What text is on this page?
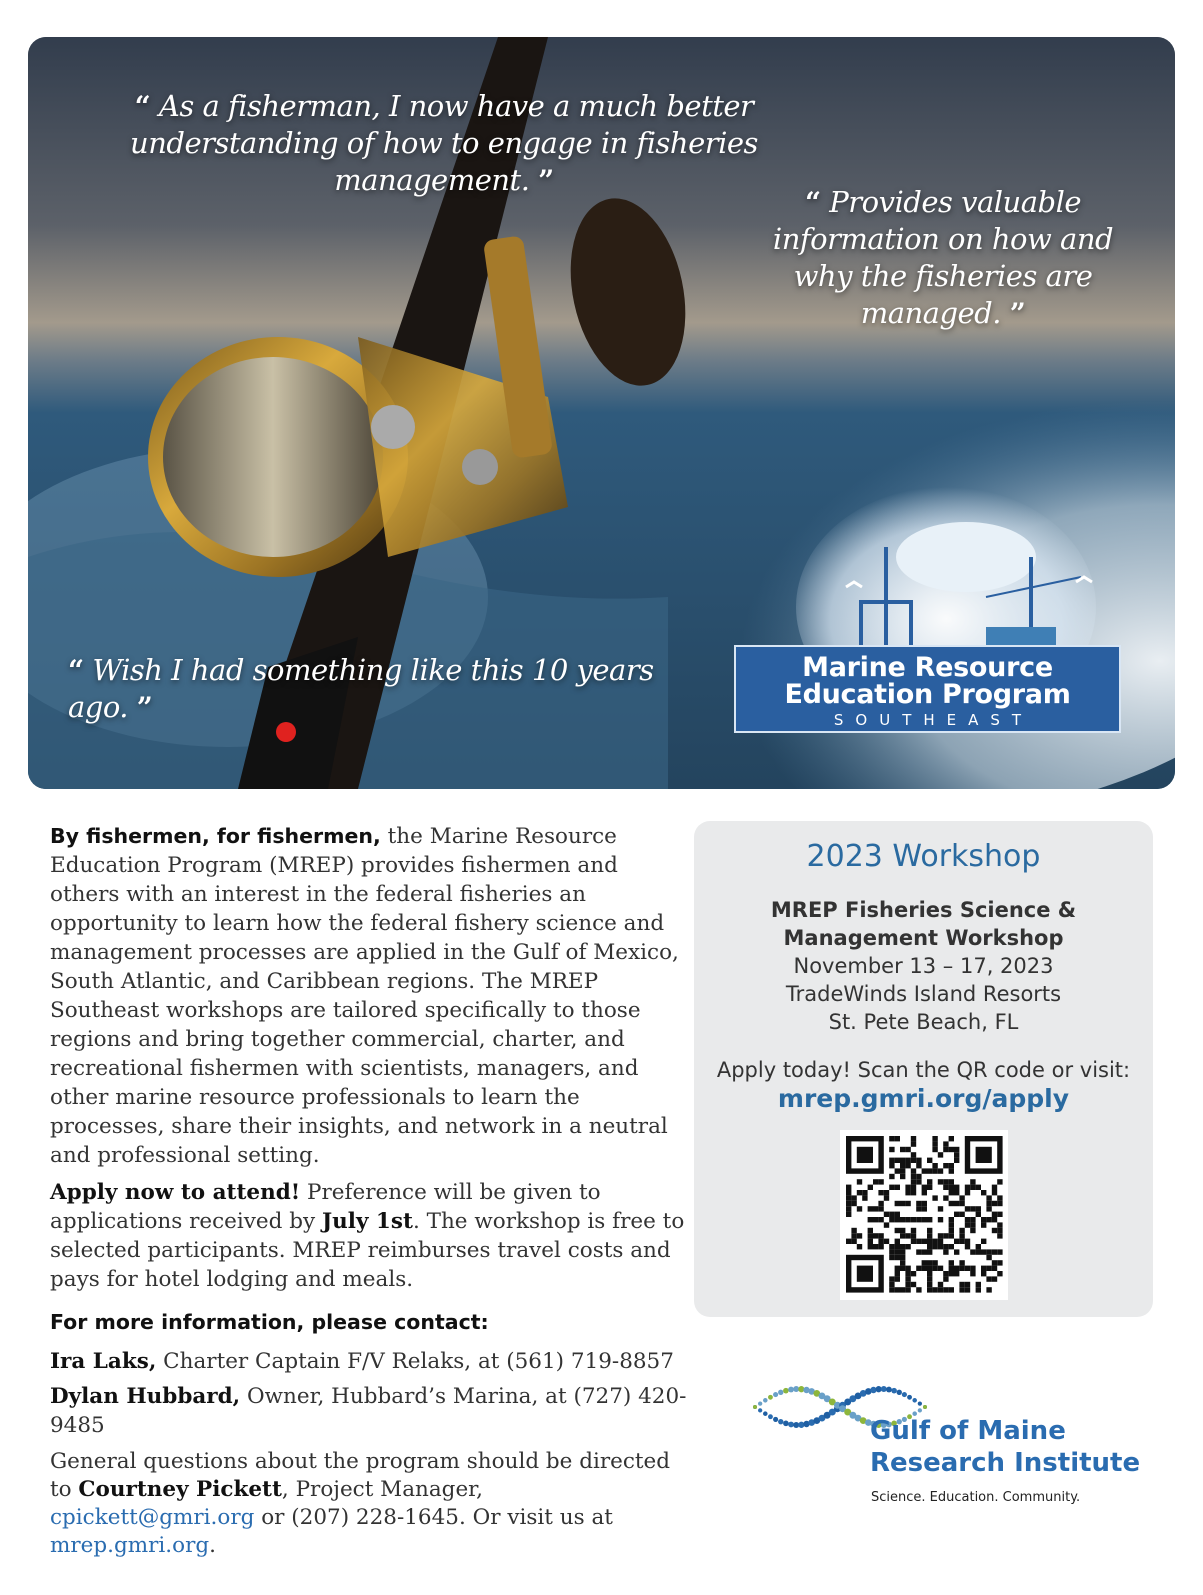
“ As a fisherman, I now have a much better understanding of how to engage in fisheries management. ”
“ Provides valuable information on how and why the fisheries are managed. ”
“ Wish I had something like this 10 years ago. ”
Marine Resource
Education Program
SOUTHEAST
By fishermen, for fishermen, the Marine Resource Education Program (MREP) provides fishermen and others with an interest in the federal fisheries an opportunity to learn how the federal fishery science and management processes are applied in the Gulf of Mexico, South Atlantic, and Caribbean regions. The MREP Southeast workshops are tailored specifically to those regions and bring together commercial, charter, and recreational fishermen with scientists, managers, and other marine resource professionals to learn the processes, share their insights, and network in a neutral and professional setting.
Apply now to attend! Preference will be given to applications received by July 1st. The workshop is free to selected participants. MREP reimburses travel costs and pays for hotel lodging and meals.
For more information, please contact:
Ira Laks, Charter Captain F/V Relaks, at (561) 719-8857
Dylan Hubbard, Owner, Hubbard’s Marina, at (727) 420-9485
General questions about the program should be directed to Courtney Pickett, Project Manager, cpickett@gmri.org or (207) 228-1645. Or visit us at mrep.gmri.org.
2023 Workshop
MREP Fisheries Science &
Management Workshop
November 13 – 17, 2023
TradeWinds Island Resorts
St. Pete Beach, FL
Apply today! Scan the QR code or visit:
mrep.gmri.org/apply
Gulf of Maine
Research Institute
Science. Education. Community.
